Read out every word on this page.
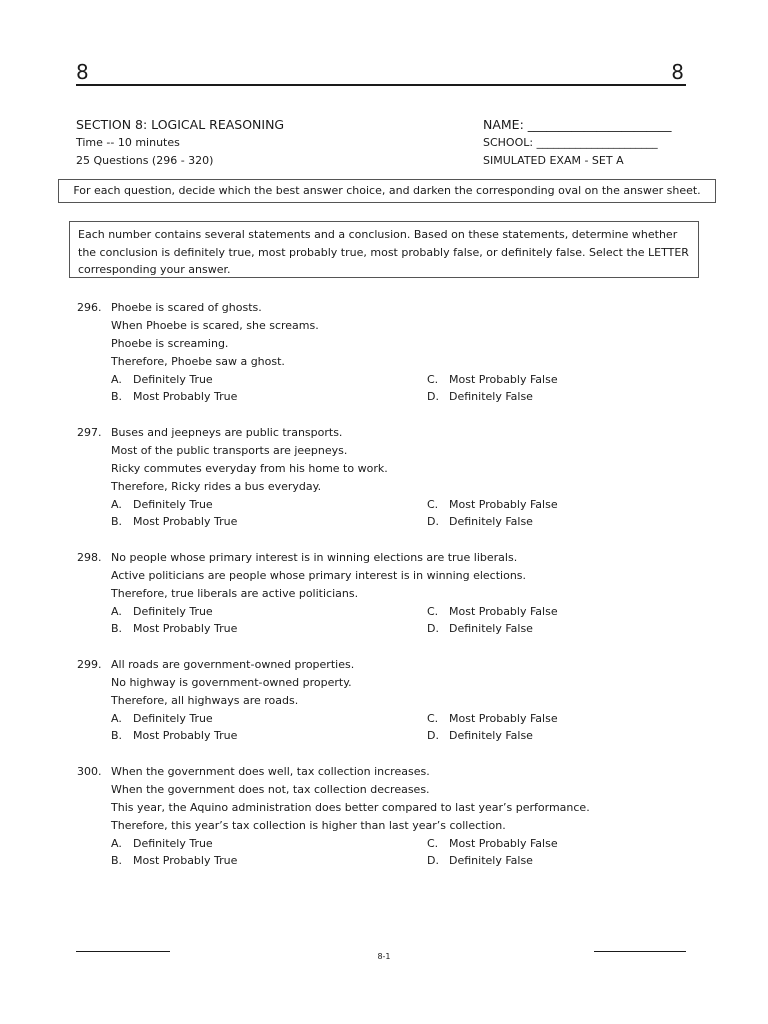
8	8
SECTION 8: LOGICAL REASONING
Time -- 10 minutes
25 Questions (296 - 320)
NAME: _______________________
SCHOOL: ______________________
SIMULATED EXAM - SET A
For each question, decide which the best answer choice, and darken the corresponding oval on the answer sheet.
Each number contains several statements and a conclusion. Based on these statements, determine whether the conclusion is definitely true, most probably true, most probably false, or definitely false. Select the LETTER corresponding your answer.
296. Phoebe is scared of ghosts.
When Phoebe is scared, she screams.
Phoebe is screaming.
Therefore, Phoebe saw a ghost.
A. Definitely True
B. Most Probably True
C. Most Probably False
D. Definitely False
297. Buses and jeepneys are public transports.
Most of the public transports are jeepneys.
Ricky commutes everyday from his home to work.
Therefore, Ricky rides a bus everyday.
A. Definitely True
B. Most Probably True
C. Most Probably False
D. Definitely False
298. No people whose primary interest is in winning elections are true liberals.
Active politicians are people whose primary interest is in winning elections.
Therefore, true liberals are active politicians.
A. Definitely True
B. Most Probably True
C. Most Probably False
D. Definitely False
299. All roads are government-owned properties.
No highway is government-owned property.
Therefore, all highways are roads.
A. Definitely True
B. Most Probably True
C. Most Probably False
D. Definitely False
300. When the government does well, tax collection increases.
When the government does not, tax collection decreases.
This year, the Aquino administration does better compared to last year’s performance.
Therefore, this year’s tax collection is higher than last year’s collection.
A. Definitely True
B. Most Probably True
C. Most Probably False
D. Definitely False
8-1
